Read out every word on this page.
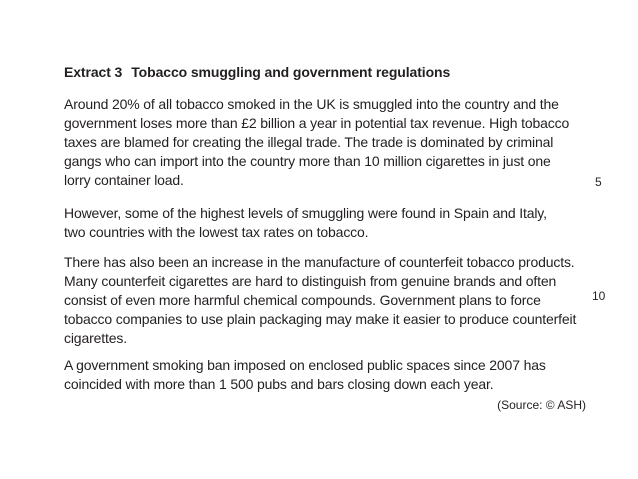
Extract 3 Tobacco smuggling and government regulations

Around 20% of all tobacco smoked in the UK is smuggled into the country and the
government loses more than £2 billion a year in potential tax revenue. High tobacco
taxes are blamed for creating the illegal trade. The trade is dominated by criminal
gangs who can import into the country more than 10 million cigarettes in just one
lorry container load.	5

However, some of the highest levels of smuggling were found in Spain and Italy,
two countries with the lowest tax rates on tobacco.

There has also been an increase in the manufacture of counterfeit tobacco products.
Many counterfeit cigarettes are hard to distinguish from genuine brands and often
consist of even more harmful chemical compounds. Government plans to force
tobacco companies to use plain packaging may make it easier to produce counterfeit
cigarettes.

10

A government smoking ban imposed on enclosed public spaces since 2007 has
coincided with more than 1 500 pubs and bars closing down each year.

(Source: © ASH)
